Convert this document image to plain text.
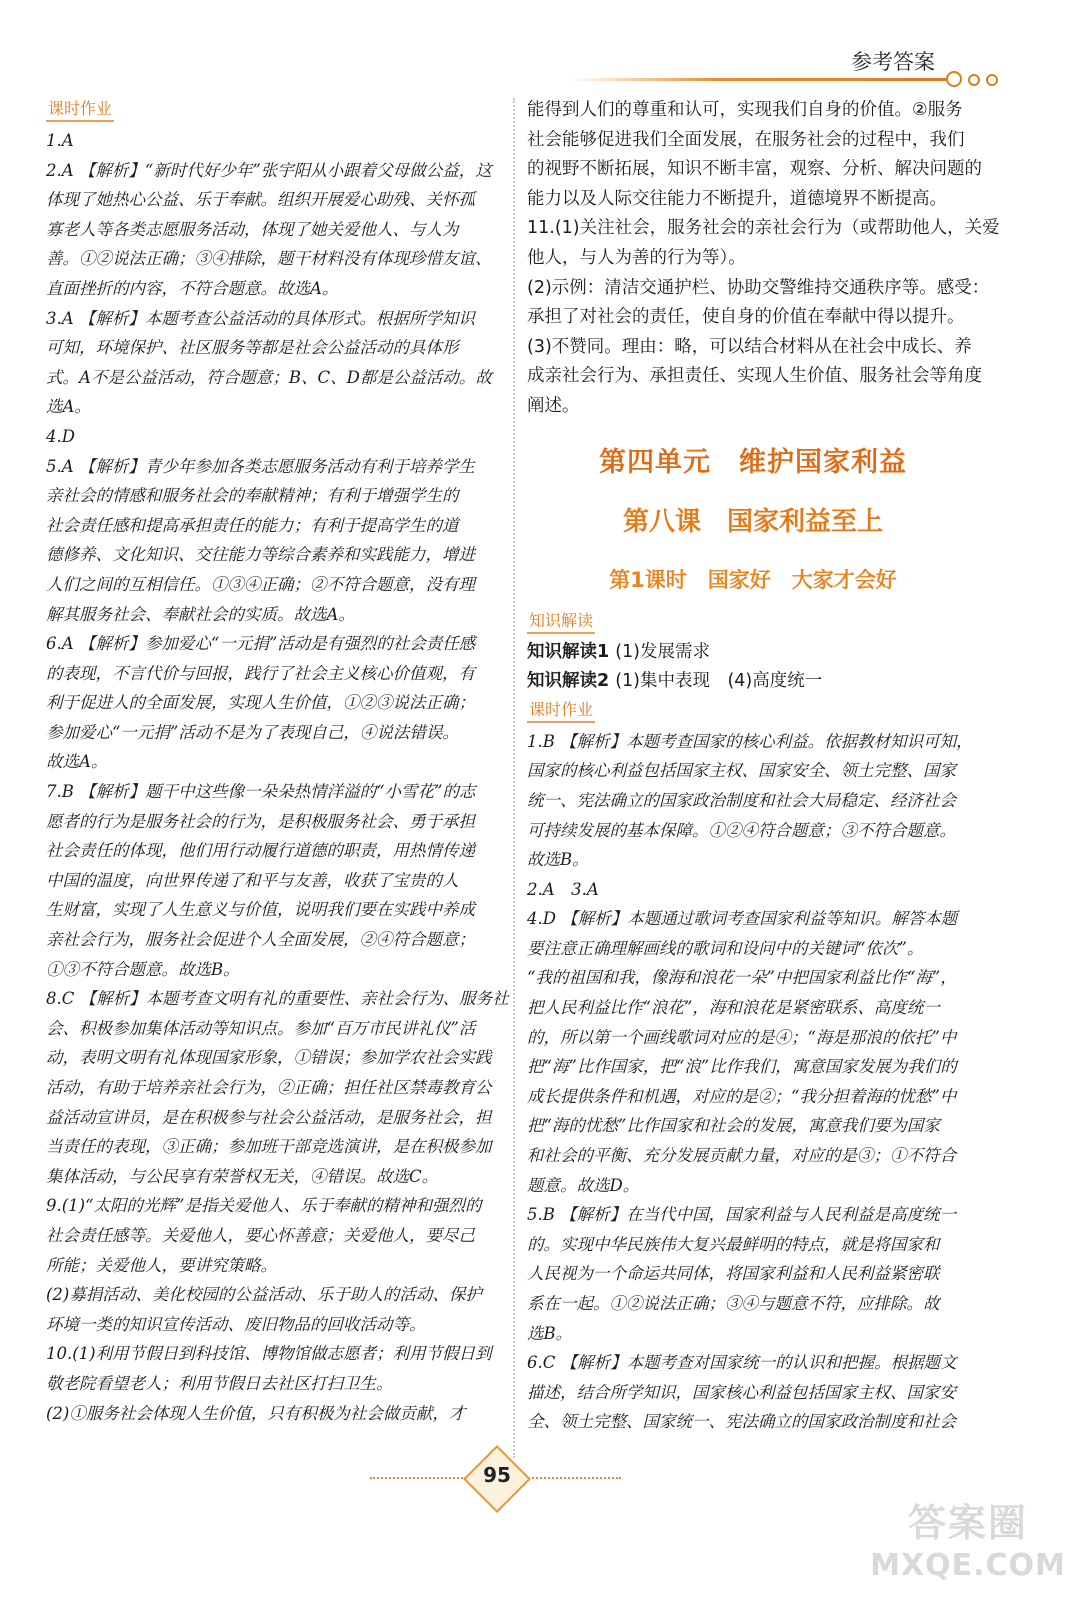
参考答案
课时作业
1.A
2.A 【解析】“新时代好少年”张宇阳从小跟着父母做公益，这
体现了她热心公益、乐于奉献。组织开展爱心助残、关怀孤
寡老人等各类志愿服务活动，体现了她关爱他人、与人为
善。①②说法正确；③④排除，题干材料没有体现珍惜友谊、
直面挫折的内容，不符合题意。故选A。
3.A 【解析】本题考查公益活动的具体形式。根据所学知识
可知，环境保护、社区服务等都是社会公益活动的具体形
式。A不是公益活动，符合题意；B、C、D都是公益活动。故
选A。
4.D
5.A 【解析】青少年参加各类志愿服务活动有利于培养学生
亲社会的情感和服务社会的奉献精神；有利于增强学生的
社会责任感和提高承担责任的能力；有利于提高学生的道
德修养、文化知识、交往能力等综合素养和实践能力，增进
人们之间的互相信任。①③④正确；②不符合题意，没有理
解其服务社会、奉献社会的实质。故选A。
6.A 【解析】参加爱心“一元捐”活动是有强烈的社会责任感
的表现，不言代价与回报，践行了社会主义核心价值观，有
利于促进人的全面发展，实现人生价值，①②③说法正确；
参加爱心“一元捐”活动不是为了表现自己，④说法错误。
故选A。
7.B 【解析】题干中这些像一朵朵热情洋溢的“小雪花”的志
愿者的行为是服务社会的行为，是积极服务社会、勇于承担
社会责任的体现，他们用行动履行道德的职责，用热情传递
中国的温度，向世界传递了和平与友善，收获了宝贵的人
生财富，实现了人生意义与价值，说明我们要在实践中养成
亲社会行为，服务社会促进个人全面发展，②④符合题意；
①③不符合题意。故选B。
8.C 【解析】本题考查文明有礼的重要性、亲社会行为、服务社
会、积极参加集体活动等知识点。参加“百万市民讲礼仪”活
动，表明文明有礼体现国家形象，①错误；参加学农社会实践
活动，有助于培养亲社会行为，②正确；担任社区禁毒教育公
益活动宣讲员，是在积极参与社会公益活动，是服务社会，担
当责任的表现，③正确；参加班干部竞选演讲，是在积极参加
集体活动，与公民享有荣誉权无关，④错误。故选C。
9.(1)“太阳的光辉”是指关爱他人、乐于奉献的精神和强烈的
社会责任感等。关爱他人，要心怀善意；关爱他人，要尽己
所能；关爱他人，要讲究策略。
(2)募捐活动、美化校园的公益活动、乐于助人的活动、保护
环境一类的知识宣传活动、废旧物品的回收活动等。
10.(1)利用节假日到科技馆、博物馆做志愿者；利用节假日到
敬老院看望老人；利用节假日去社区打扫卫生。
(2)①服务社会体现人生价值，只有积极为社会做贡献，才
能得到人们的尊重和认可，实现我们自身的价值。②服务
社会能够促进我们全面发展，在服务社会的过程中，我们
的视野不断拓展，知识不断丰富，观察、分析、解决问题的
能力以及人际交往能力不断提升，道德境界不断提高。
11.(1)关注社会，服务社会的亲社会行为（或帮助他人，关爱
他人，与人为善的行为等）。
(2)示例：清洁交通护栏、协助交警维持交通秩序等。感受：
承担了对社会的责任，使自身的价值在奉献中得以提升。
(3)不赞同。理由：略，可以结合材料从在社会中成长、养
成亲社会行为、承担责任、实现人生价值、服务社会等角度
阐述。
第四单元　维护国家利益
第八课　国家利益至上
第1课时　国家好　大家才会好
知识解读
知识解读1 (1)发展需求
知识解读2 (1)集中表现　(4)高度统一
课时作业
1.B 【解析】本题考查国家的核心利益。依据教材知识可知，
国家的核心利益包括国家主权、国家安全、领土完整、国家
统一、宪法确立的国家政治制度和社会大局稳定、经济社会
可持续发展的基本保障。①②④符合题意；③不符合题意。
故选B。
2.A　3.A
4.D 【解析】本题通过歌词考查国家利益等知识。解答本题
要注意正确理解画线的歌词和设问中的关键词“依次”。
“我的祖国和我，像海和浪花一朵”中把国家利益比作“海”，
把人民利益比作“浪花”，海和浪花是紧密联系、高度统一
的，所以第一个画线歌词对应的是④；“海是那浪的依托”中
把“海”比作国家，把“浪”比作我们，寓意国家发展为我们的
成长提供条件和机遇，对应的是②；“我分担着海的忧愁”中
把“海的忧愁”比作国家和社会的发展，寓意我们要为国家
和社会的平衡、充分发展贡献力量，对应的是③；①不符合
题意。故选D。
5.B 【解析】在当代中国，国家利益与人民利益是高度统一
的。实现中华民族伟大复兴最鲜明的特点，就是将国家和
人民视为一个命运共同体，将国家利益和人民利益紧密联
系在一起。①②说法正确；③④与题意不符，应排除。故
选B。
6.C 【解析】本题考查对国家统一的认识和把握。根据题文
描述，结合所学知识，国家核心利益包括国家主权、国家安
全、领土完整、国家统一、宪法确立的国家政治制度和社会
95
答案圈
MXQE.COM
